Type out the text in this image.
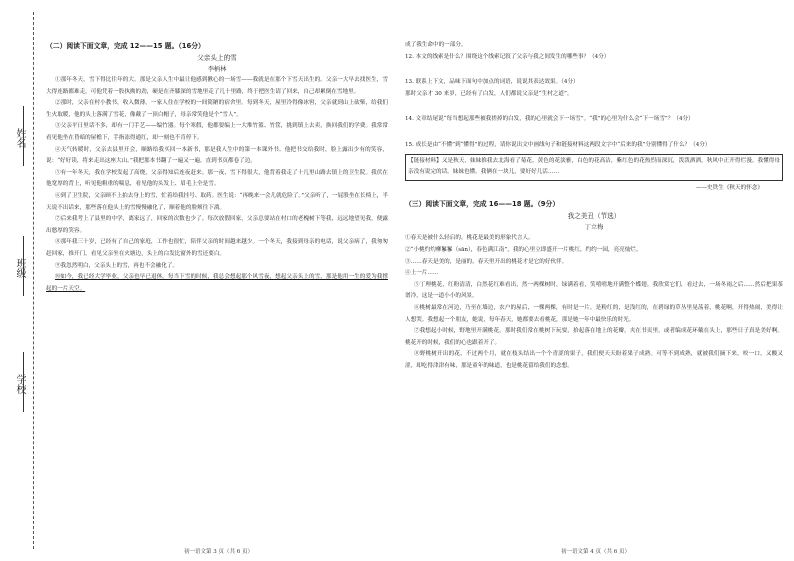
姓名
班级
学校
（二）阅读下面文章，完成 12——15 题。（16分）
父亲头上的雪
李柄林

①那年冬天，雪下得比往年的大。那是父亲人生中最让他感到揪心的一场雪——我就是在那个下雪天出生的。父亲一大早去找医生，雪大得连路都难走，可他凭着一股执拗的劲，硬是在齐膝深的雪地里走了几十里路，终于把医生请了回来，自己却累倒在雪地里。

②那时，父亲在村小教书，收入微薄。一家人住在学校的一间简陋的宿舍里。每到冬天，屋里冷得像冰窖，父亲就到山上砍柴，给我们生火取暖，他的头上落满了雪花，像戴了一顶白帽子，母亲常笑他是个“雪人”。

③父亲平日里话不多，却有一门手艺——编竹器。每个寒假，他都要编上一大堆竹篮、竹筐，挑到镇上去卖，换回我们的学费。我常常看见他坐在昏暗的屋檐下，手指冻得通红，却一刻也不肯停下。

④天气转暖时，父亲去县里开会，顺路给我买回一本新书，那是我人生中的第一本课外书。他把书交给我时，脸上露出少有的笑容，说：“好好读，将来走出这座大山。”我把那本书翻了一遍又一遍，直到书页都卷了边。

⑤有一年冬天，我在学校发起了高烧，父亲得知后连夜赶来。那一夜，雪下得很大，他背着我走了十几里山路去镇上的卫生院。我伏在他宽厚的背上，听见他粗重的喘息，看见他的头发上、眉毛上全是雪。

⑥到了卫生院，父亲顾不上拍去身上的雪，忙着给我挂号、取药。医生说：“再晚来一会儿就危险了。”父亲听了，一屁股坐在长椅上，半天说不出话来，那些落在他头上的雪慢慢融化了，顺着他的脸颊往下淌。

⑦后来我考上了县里的中学，离家远了，回家的次数也少了。每次放假回家，父亲总要站在村口的老槐树下等我，远远地望见我，便露出憨厚的笑容。

⑧那年我三十岁，已经有了自己的家庭，工作也很忙，陪伴父亲的时间越来越少。一个冬天，我接到母亲的电话，说父亲病了，我匆匆赶回家，推开门，看见父亲坐在火塘边，头上的白发比窗外的雪还要白。

⑨我忽然明白，父亲头上的雪，再也不会融化了。

⑩如今，我已经大学毕业，父亲也早已退休。每当下雪的时候，我总会想起那个风雪夜，想起父亲头上的雪，那是他用一生的爱为我撑起的一片天空。

初一语文第 3 页（共 6 页）
成了我生命中的一部分。
12. 本文的线索是什么？围绕这个线索记叙了父亲与我之间发生的哪些事？（4分）
13. 联系上下文，品味下面句中加点的词语，说说其表达效果。（4分）
那时父亲才 30 来岁，已经有了白发，人们都说父亲是“生村之道”。
14. 文章结尾说“每当想起那些被我搓掉的白发，我的心里就会下一场雪”。“我”的心里为什么会“下一场雪”？（4分）
15. 成长是由“不懂”到“懂得”的过程，请你说出文中画线句子和链接材料这两段文字中“后来的我”分别懂得了什么？（4分）
【链接材料】又是秋天，妹妹推我去北海看了菊花。黄色的花淡雅，白色的花高洁，紫红色的花热烈而深沉，泼泼洒洒，秋风中正开得烂漫。我懂得母亲没有说完的话。妹妹也懂。我俩在一块儿，要好好儿活……
——史铁生《秋天的怀念》
（三）阅读下面文章，完成 16——18 题。（9分）
我之美丑（节选）
丁立梅
①春天是被什么轻启的，桃花是最美的形象代言人。
②“小桃灼灼柳鬖鬖（sān），春色满江南”，我的心里立即盛开一片桃红，约约一园，亮亮灿烂。
③……春天是美的，是丽的，春天里开出的桃花才是它的好伙伴。
④上一片……

⑤丁理桃花，红粉清清，白然花红难看出，然一两棵树时，绿满着看，笑嘻嘻地开满整个蝶翅。我欣赏它们，看过去，一场冬雨之后……然后把果茶谱冷，这是一道小小的风景。

⑥桃树最常在河边，乃至在墙边，农户的屋后，一棵两棵，有时是一片，是粉红的，是浅红的，在碧绿的草丛里晃荡着，桃花啊，开得热闹，美得让人想哭。我想起一个朋友，她说，每年春天，她都要去看桃花，那是她一年中最快乐的时光。

⑦我想起小时候，野地里开满桃花，那时我们常在桃树下玩耍，拾起落在地上的花瓣，夹在书页里，或者编成花环戴在头上，那些日子真是美好啊。桃花开的时候，我们的心也跟着开了。

⑧野桃树开出的花，不过两个月，就在枝头结出一个个青涩的果子，我们便天天盼着果子成熟。可等不到成熟，就被我们摘下来，咬一口，又酸又涩，却吃得津津有味，那是童年的味道，也是桃花留给我们的念想。

初一语文第 4 页（共 6 页）
